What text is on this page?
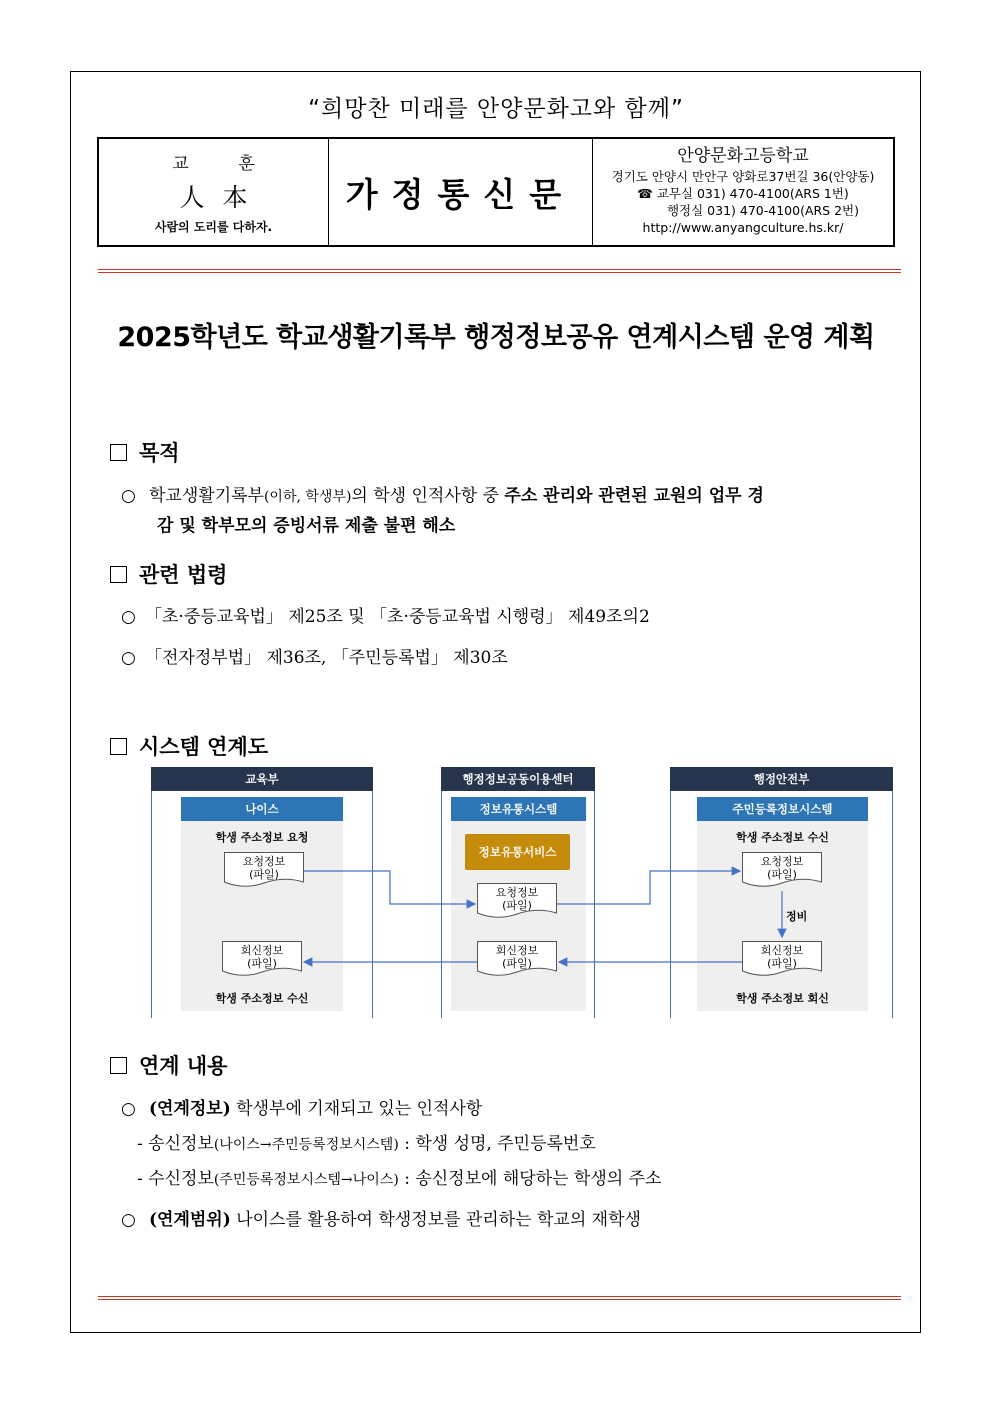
“희망찬 미래를 안양문화고와 함께”
교 훈
人本
사람의 도리를 다하자.
가정통신문
안양문화고등학교
경기도 안양시 만안구 양화로37번길 36(안양동)
☎ 교무실 031) 470-4100(ARS 1번)
행정실 031) 470-4100(ARS 2번)
http://www.anyangculture.hs.kr/
2025학년도 학교생활기록부 행정정보공유 연계시스템 운영 계획
목적
○ 학교생활기록부(이하, 학생부)의 학생 인적사항 중 주소 관리와 관련된 교원의 업무 경
감 및 학부모의 증빙서류 제출 불편 해소
관련 법령
○ 「초·중등교육법」 제25조 및 「초·중등교육법 시행령」 제49조의2
○ 「전자정부법」 제36조, 「주민등록법」 제30조
시스템 연계도
교육부
나이스
학생 주소정보 요청
학생 주소정보 수신
행정정보공동이용센터
정보유통시스템
정보유통서비스
행정안전부
주민등록정보시스템
학생 주소정보 수신
학생 주소정보 회신
정비
요청정보
(파일)
요청정보
(파일)
요청정보
(파일)
회신정보
(파일)
회신정보
(파일)
회신정보
(파일)
연계 내용
○ (연계정보) 학생부에 기재되고 있는 인적사항
- 송신정보(나이스→주민등록정보시스템) : 학생 성명, 주민등록번호
- 수신정보(주민등록정보시스템→나이스) : 송신정보에 해당하는 학생의 주소
○ (연계범위) 나이스를 활용하여 학생정보를 관리하는 학교의 재학생
